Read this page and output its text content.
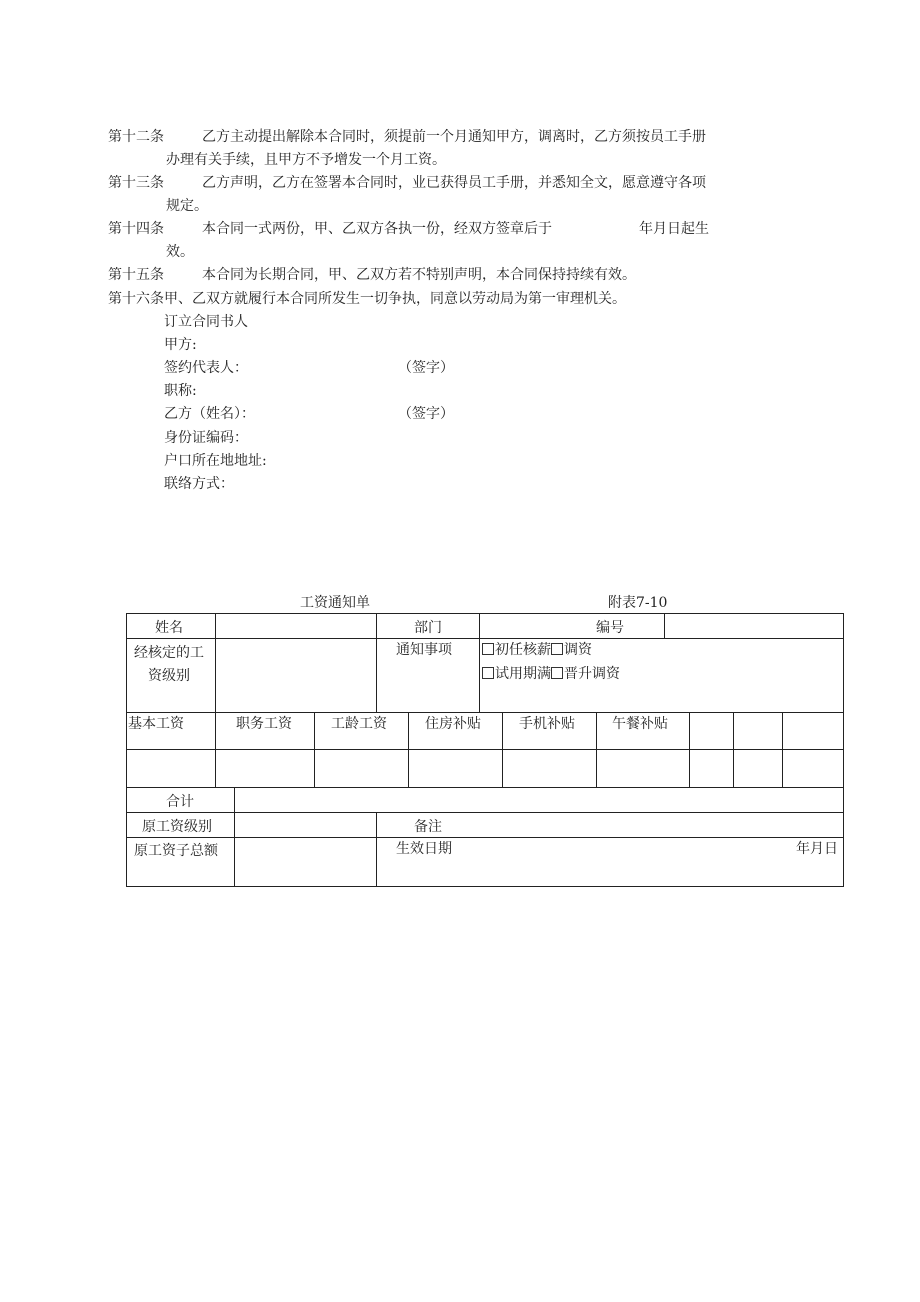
第十二条	乙方主动提出解除本合同时，须提前一个月通知甲方，调离时，乙方须按员工手册
办理有关手续，且甲方不予增发一个月工资。
第十三条	乙方声明，乙方在签署本合同时，业已获得员工手册，并悉知全文，愿意遵守各项
规定。
第十四条	本合同一式两份，甲、乙双方各执一份，经双方签章后于	年月日起生
效。
第十五条	本合同为长期合同，甲、乙双方若不特别声明，本合同保持持续有效。
第十六条甲、乙双方就履行本合同所发生一切争执，同意以劳动局为第一审理机关。
订立合同书人
甲方:
签约代表人：	（签字）
职称:
乙方（姓名）：	（签字）
身份证编码：
户口所在地地址:
联络方式：
工资通知单	附表7-10
姓名	部门	编号
经核定的工
资级别
通知事项	初任核薪 调资
试用期满 晋升调资
基本工资	职务工资	工龄工资	住房补贴	手机补贴	午餐补贴
合计
原工资级别	备注
原工资子总额	生效日期	年月日
